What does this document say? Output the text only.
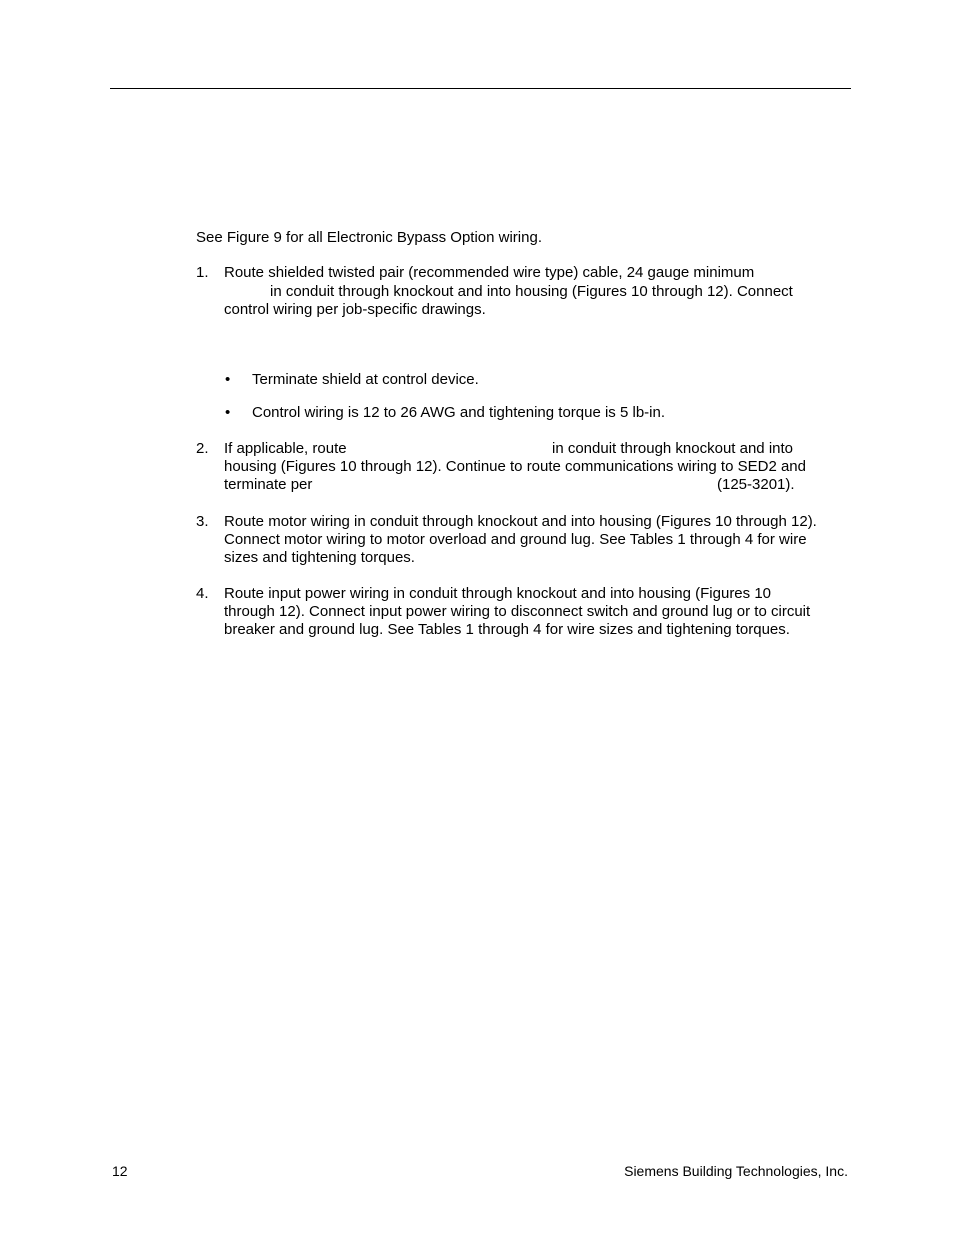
See Figure 9 for all Electronic Bypass Option wiring.
1. Route shielded twisted pair (recommended wire type) cable, 24 gauge minimum
in conduit through knockout and into housing (Figures 10 through 12). Connect
control wiring per job-specific drawings.
• Terminate shield at control device.
• Control wiring is 12 to 26 AWG and tightening torque is 5 lb-in.
2. If applicable, route	in conduit through knockout and into
housing (Figures 10 through 12). Continue to route communications wiring to SED2 and
terminate per	(125-3201).
3. Route motor wiring in conduit through knockout and into housing (Figures 10 through 12).
Connect motor wiring to motor overload and ground lug. See Tables 1 through 4 for wire
sizes and tightening torques.
4. Route input power wiring in conduit through knockout and into housing (Figures 10
through 12). Connect input power wiring to disconnect switch and ground lug or to circuit
breaker and ground lug. See Tables 1 through 4 for wire sizes and tightening torques.
12	Siemens Building Technologies, Inc.
